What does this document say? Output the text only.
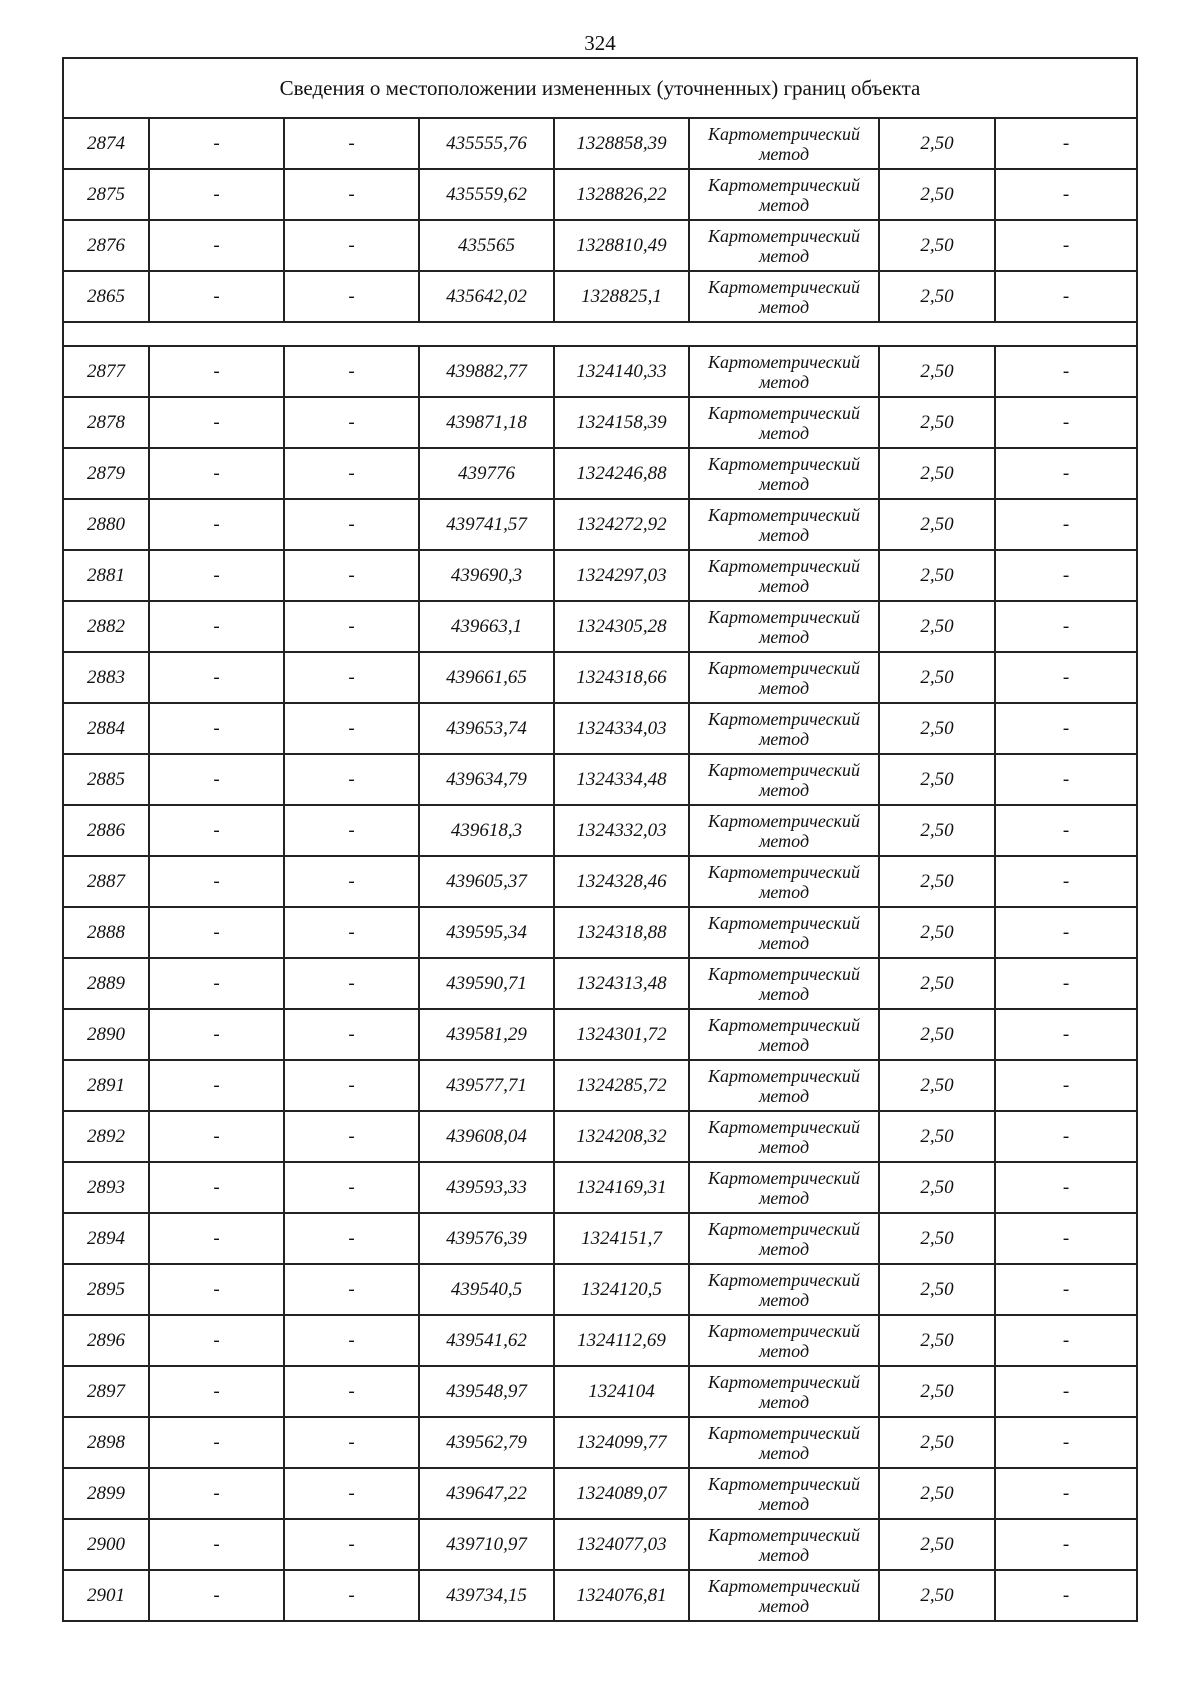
324
Сведения о местоположении измененных (уточненных) границ объекта							
2874	-	-	435555,76	1328858,39	Картометрический метод	2,50	-
2875	-	-	435559,62	1328826,22	Картометрический метод	2,50	-
2876	-	-	435565	1328810,49	Картометрический метод	2,50	-
2865	-	-	435642,02	1328825,1	Картометрический метод	2,50	-

2877	-	-	439882,77	1324140,33	Картометрический метод	2,50	-
2878	-	-	439871,18	1324158,39	Картометрический метод	2,50	-
2879	-	-	439776	1324246,88	Картометрический метод	2,50	-
2880	-	-	439741,57	1324272,92	Картометрический метод	2,50	-
2881	-	-	439690,3	1324297,03	Картометрический метод	2,50	-
2882	-	-	439663,1	1324305,28	Картометрический метод	2,50	-
2883	-	-	439661,65	1324318,66	Картометрический метод	2,50	-
2884	-	-	439653,74	1324334,03	Картометрический метод	2,50	-
2885	-	-	439634,79	1324334,48	Картометрический метод	2,50	-
2886	-	-	439618,3	1324332,03	Картометрический метод	2,50	-
2887	-	-	439605,37	1324328,46	Картометрический метод	2,50	-
2888	-	-	439595,34	1324318,88	Картометрический метод	2,50	-
2889	-	-	439590,71	1324313,48	Картометрический метод	2,50	-
2890	-	-	439581,29	1324301,72	Картометрический метод	2,50	-
2891	-	-	439577,71	1324285,72	Картометрический метод	2,50	-
2892	-	-	439608,04	1324208,32	Картометрический метод	2,50	-
2893	-	-	439593,33	1324169,31	Картометрический метод	2,50	-
2894	-	-	439576,39	1324151,7	Картометрический метод	2,50	-
2895	-	-	439540,5	1324120,5	Картометрический метод	2,50	-
2896	-	-	439541,62	1324112,69	Картометрический метод	2,50	-
2897	-	-	439548,97	1324104	Картометрический метод	2,50	-
2898	-	-	439562,79	1324099,77	Картометрический метод	2,50	-
2899	-	-	439647,22	1324089,07	Картометрический метод	2,50	-
2900	-	-	439710,97	1324077,03	Картометрический метод	2,50	-
2901	-	-	439734,15	1324076,81	Картометрический метод	2,50	-
